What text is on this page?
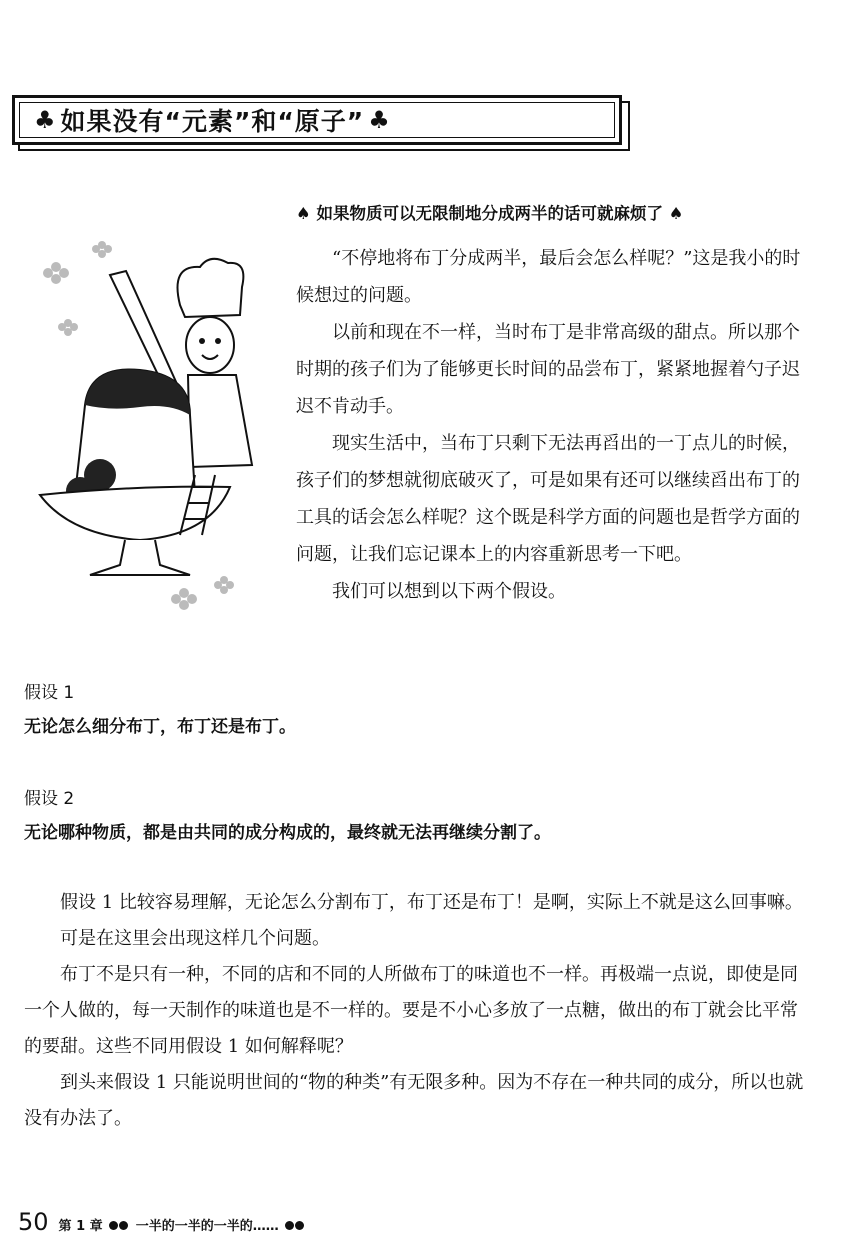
♣ 如果没有“元素”和“原子” ♣
♠ 如果物质可以无限制地分成两半的话可就麻烦了 ♠

“不停地将布丁分成两半，最后会怎么样呢？”这是我小的时候想过的问题。

以前和现在不一样，当时布丁是非常高级的甜点。所以那个时期的孩子们为了能够更长时间的品尝布丁，紧紧地握着勺子迟迟不肯动手。

现实生活中，当布丁只剩下无法再舀出的一丁点儿的时候，孩子们的梦想就彻底破灭了，可是如果有还可以继续舀出布丁的工具的话会怎么样呢？这个既是科学方面的问题也是哲学方面的问题，让我们忘记课本上的内容重新思考一下吧。

我们可以想到以下两个假设。

假设 1
无论怎么细分布丁，布丁还是布丁。
假设 2
无论哪种物质，都是由共同的成分构成的，最终就无法再继续分割了。

假设 1 比较容易理解，无论怎么分割布丁，布丁还是布丁！是啊，实际上不就是这么回事嘛。

可是在这里会出现这样几个问题。

布丁不是只有一种，不同的店和不同的人所做布丁的味道也不一样。再极端一点说，即使是同一个人做的，每一天制作的味道也是不一样的。要是不小心多放了一点糖，做出的布丁就会比平常的要甜。这些不同用假设 1 如何解释呢？

到头来假设 1 只能说明世间的“物的种类”有无限多种。因为不存在一种共同的成分，所以也就没有办法了。

50 第 1 章	一半的一半的一半的……
